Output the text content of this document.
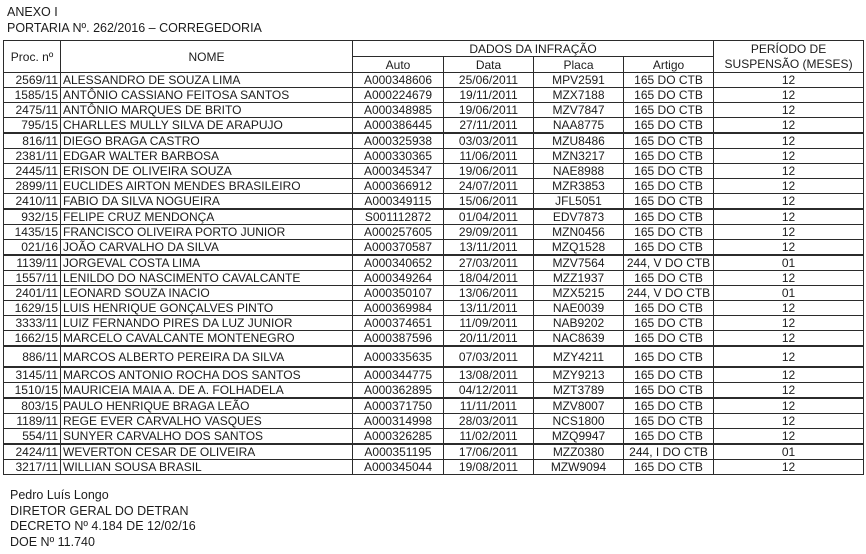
ANEXO I
PORTARIA Nº. 262/2016 – CORREGEDORIA
Proc. nº	NOME	DADOS DA INFRAÇÃO				PERÍODO DE
SUSPENSÃO (MESES)

		Auto	Data	Placa	Artigo	
2569/11	ALESSANDRO DE SOUZA LIMA	A000348606	25/06/2011	MPV2591	165 DO CTB	12
1585/15	ANTÔNIO CASSIANO FEITOSA SANTOS	A000224679	19/11/2011	MZX7188	165 DO CTB	12
2475/11	ANTÔNIO MARQUES DE BRITO	A000348985	19/06/2011	MZV7847	165 DO CTB	12
795/15	CHARLLES MULLY SILVA DE ARAPUJO	A000386445	27/11/2011	NAA8775	165 DO CTB	12
816/11	DIEGO BRAGA CASTRO	A000325938	03/03/2011	MZU8486	165 DO CTB	12
2381/11	EDGAR WALTER BARBOSA	A000330365	11/06/2011	MZN3217	165 DO CTB	12
2445/11	ERISON DE OLIVEIRA SOUZA	A000345347	19/06/2011	NAE8988	165 DO CTB	12
2899/11	EUCLIDES AIRTON MENDES BRASILEIRO	A000366912	24/07/2011	MZR3853	165 DO CTB	12
2410/11	FABIO DA SILVA NOGUEIRA	A000349115	15/06/2011	JFL5051	165 DO CTB	12
932/15	FELIPE CRUZ MENDONÇA	S001112872	01/04/2011	EDV7873	165 DO CTB	12
1435/15	FRANCISCO OLIVEIRA PORTO JUNIOR	A000257605	29/09/2011	MZN0456	165 DO CTB	12
021/16	JOÃO CARVALHO DA SILVA	A000370587	13/11/2011	MZQ1528	165 DO CTB	12
1139/11	JORGEVAL COSTA LIMA	A000340652	27/03/2011	MZV7564	244, V DO CTB	01
1557/11	LENILDO DO NASCIMENTO CAVALCANTE	A000349264	18/04/2011	MZZ1937	165 DO CTB	12
2401/11	LEONARD SOUZA INACIO	A000350107	13/06/2011	MZX5215	244, V DO CTB	01
1629/15	LUIS HENRIQUE GONÇALVES PINTO	A000369984	13/11/2011	NAE0039	165 DO CTB	12
3333/11	LUIZ FERNANDO PIRES DA LUZ JUNIOR	A000374651	11/09/2011	NAB9202	165 DO CTB	12
1662/15	MARCELO CAVALCANTE MONTENEGRO	A000387596	20/11/2011	NAC8639	165 DO CTB	12
886/11	MARCOS ALBERTO PEREIRA DA SILVA	A000335635	07/03/2011	MZY4211	165 DO CTB	12
3145/11	MARCOS ANTONIO ROCHA DOS SANTOS	A000344775	13/08/2011	MZY9213	165 DO CTB	12
1510/15	MAURICEIA MAIA A. DE A. FOLHADELA	A000362895	04/12/2011	MZT3789	165 DO CTB	12
803/15	PAULO HENRIQUE BRAGA LEÃO	A000371750	11/11/2011	MZV8007	165 DO CTB	12
1189/11	REGE EVER CARVALHO VASQUES	A000314998	28/03/2011	NCS1800	165 DO CTB	12
554/11	SUNYER CARVALHO DOS SANTOS	A000326285	11/02/2011	MZQ9947	165 DO CTB	12
2424/11	WEVERTON CESAR DE OLIVEIRA	A000351195	17/06/2011	MZZ0380	244, I DO CTB	01
3217/11	WILLIAN SOUSA BRASIL	A000345044	19/08/2011	MZW9094	165 DO CTB	12
Pedro Luís Longo
DIRETOR GERAL DO DETRAN
DECRETO Nº 4.184 DE 12/02/16
DOE Nº 11.740
